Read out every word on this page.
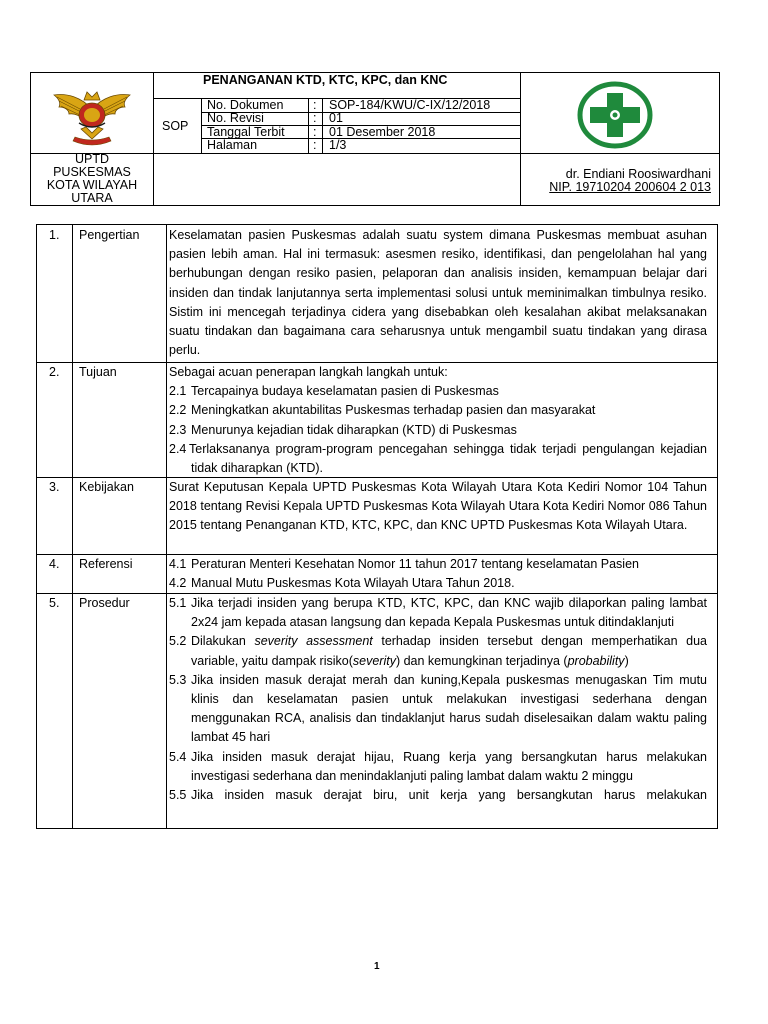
PENANGANAN KTD, KTC, KPC, dan KNC
SOP
No. Dokumen : SOP-184/KWU/C-IX/12/2018
No. Revisi	: 01
Tanggal Terbit : 01 Desember 2018
Halaman	: 1/3
UPTD
PUSKESMAS
KOTA WILAYAH
UTARA
dr. Endiani Roosiwardhani
NIP. 19710204 200604 2 013
1. Pengertian Keselamatan pasien Puskesmas adalah suatu system dimana Puskesmas membuat asuhan pasien lebih aman. Hal ini termasuk: asesmen resiko, identifikasi, dan pengelolahan hal yang berhubungan dengan resiko pasien, pelaporan dan analisis insiden, kemampuan belajar dari insiden dan tindak lanjutannya serta implementasi solusi untuk meminimalkan timbulnya resiko. Sistim ini mencegah terjadinya cidera yang disebabkan oleh kesalahan akibat melaksanakan suatu tindakan dan bagaimana cara seharusnya untuk mengambil suatu tindakan yang dirasa perlu.
2. Tujuan	Sebagai acuan penerapan langkah langkah untuk:
2.1 Tercapainya budaya keselamatan pasien di Puskesmas
2.2 Meningkatkan akuntabilitas Puskesmas terhadap pasien dan masyarakat
2.3 Menurunya kejadian tidak diharapkan (KTD) di Puskesmas
2.4 Terlaksananya program-program pencegahan sehingga tidak terjadi pengulangan kejadian tidak diharapkan (KTD).
3. Kebijakan	Surat Keputusan Kepala UPTD Puskesmas Kota Wilayah Utara Kota Kediri Nomor 104 Tahun 2018 tentang Revisi Kepala UPTD Puskesmas Kota Wilayah Utara Kota Kediri Nomor 086 Tahun 2015 tentang Penanganan KTD, KTC, KPC, dan KNC UPTD Puskesmas Kota Wilayah Utara.
4. Referensi	4.1 Peraturan Menteri Kesehatan Nomor 11 tahun 2017 tentang keselamatan Pasien
4.2 Manual Mutu Puskesmas Kota Wilayah Utara Tahun 2018.
5. Prosedur	5.1 Jika terjadi insiden yang berupa KTD, KTC, KPC, dan KNC wajib dilaporkan paling lambat 2x24 jam kepada atasan langsung dan kepada Kepala Puskesmas untuk ditindaklanjuti
5.2 Dilakukan severity assessment terhadap insiden tersebut dengan memperhatikan dua variable, yaitu dampak risiko(severity) dan kemungkinan terjadinya (probability)
5.3 Jika insiden masuk derajat merah dan kuning,Kepala puskesmas menugaskan Tim mutu klinis dan keselamatan pasien untuk melakukan investigasi sederhana dengan menggunakan RCA, analisis dan tindaklanjut harus sudah diselesaikan dalam waktu paling lambat 45 hari
5.4 Jika insiden masuk derajat hijau, Ruang kerja yang bersangkutan harus melakukan investigasi sederhana dan menindaklanjuti paling lambat dalam waktu 2 minggu
5.5 Jika insiden masuk derajat biru, unit kerja yang bersangkutan harus melakukan
1
